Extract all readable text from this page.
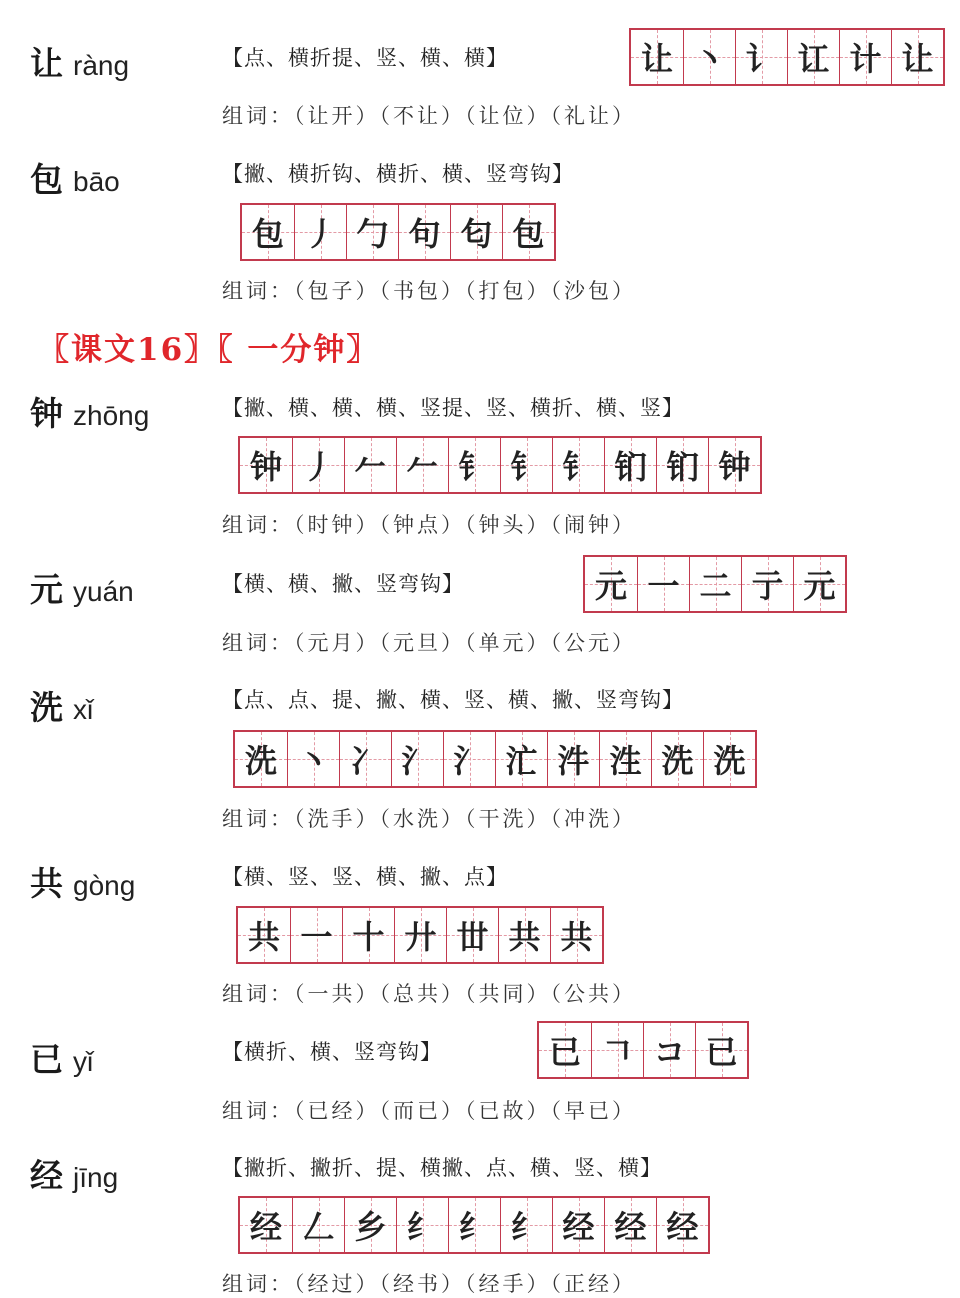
让 ràng	【点、横折提、竖、横、横】	让 丶 讠 讧 计 让
组词：（让开）（不让）（让位）（礼让）
包 bāo	【撇、横折钩、横折、横、竖弯钩】
包 丿 勹 句 匂 包
组词：（包子）（书包）（打包）（沙包）
〖课文16〗〖 一分钟〗
钟 zhōng	【撇、横、横、横、竖提、竖、横折、横、竖】
钟 丿 𠂉 𠂉 钅 钅 钅 钔 钔 钟
组词：（时钟）（钟点）（钟头）（闹钟）
元 yuán	【横、横、撇、竖弯钩】	元 一 二 亍 元
组词：（元月）（元旦）（单元）（公元）
洗 xǐ	【点、点、提、撇、横、竖、横、撇、竖弯钩】
洗 丶 冫 氵 氵 汒 汼 泩 洗 洗
组词：（洗手）（水洗）（干洗）（冲洗）
共 gòng	【横、竖、竖、横、撇、点】
共 一 十 廾 丗 共 共
组词：（一共）（总共）（共同）（公共）
已 yǐ	【横折、横、竖弯钩】	已 𠃍 コ 已
组词：（已经）（而已）（已故）（早已）
经 jīng	【撇折、撇折、提、横撇、点、横、竖、横】
经 𠃋 乡 纟 纟 纟 经 经 经
组词：（经过）（经书）（经手）（正经）
